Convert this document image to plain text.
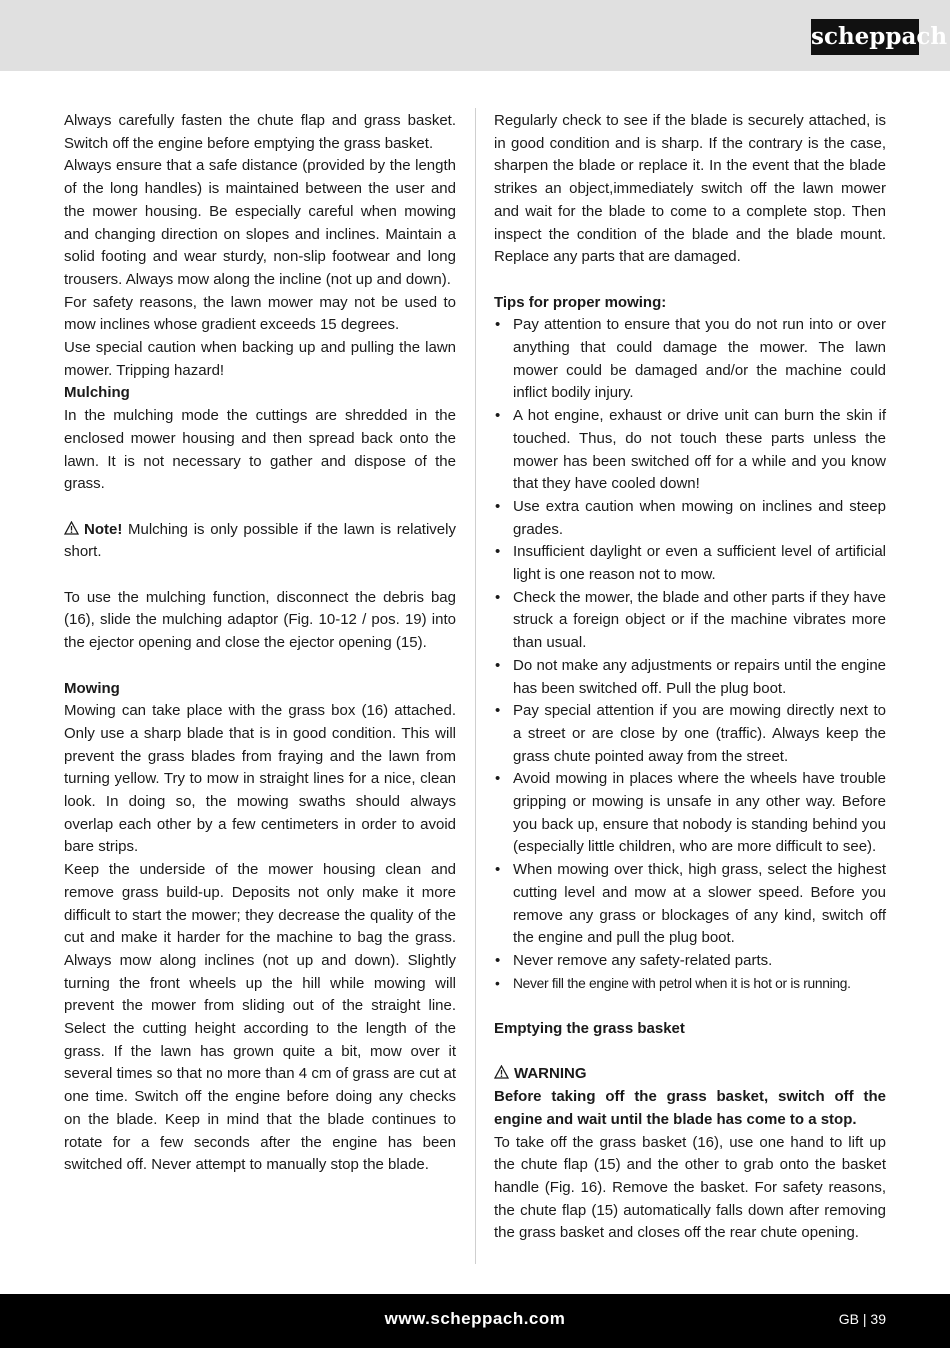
scheppach

Always carefully fasten the chute flap and grass basket. Switch off the engine before emptying the grass basket.

Always ensure that a safe distance (provided by the length of the long handles) is maintained between the user and the mower housing. Be especially careful when mowing and changing direction on slopes and inclines. Maintain a solid footing and wear sturdy, non-slip footwear and long trousers. Always mow along the incline (not up and down).

For safety reasons, the lawn mower may not be used to mow inclines whose gradient exceeds 15 degrees.

Use special caution when backing up and pulling the lawn mower. Tripping hazard!

Mulching

In the mulching mode the cuttings are shredded in the enclosed mower housing and then spread back onto the lawn. It is not necessary to gather and dispose of the grass.

Note! Mulching is only possible if the lawn is relatively short.

To use the mulching function, disconnect the debris bag (16), slide the mulching adaptor (Fig. 10-12 / pos. 19) into the ejector opening and close the ejector opening (15).

Mowing

Mowing can take place with the grass box (16) attached. Only use a sharp blade that is in good condition. This will prevent the grass blades from fraying and the lawn from turning yellow. Try to mow in straight lines for a nice, clean look. In doing so, the mowing swaths should always overlap each other by a few centimeters in order to avoid bare strips.

Keep the underside of the mower housing clean and remove grass build-up. Deposits not only make it more difficult to start the mower; they decrease the quality of the cut and make it harder for the machine to bag the grass. Always mow along inclines (not up and down). Slightly turning the front wheels up the hill while mowing will prevent the mower from sliding out of the straight line. Select the cutting height according to the length of the grass. If the lawn has grown quite a bit, mow over it several times so that no more than 4 cm of grass are cut at one time. Switch off the engine before doing any checks on the blade. Keep in mind that the blade continues to rotate for a few seconds after the engine has been switched off. Never attempt to manually stop the blade.

Regularly check to see if the blade is securely attached, is in good condition and is sharp. If the contrary is the case, sharpen the blade or replace it. In the event that the blade strikes an object,immediately switch off the lawn mower and wait for the blade to come to a complete stop. Then inspect the condition of the blade and the blade mount. Replace any parts that are damaged.

Tips for proper mowing:

• Pay attention to ensure that you do not run into or over anything that could damage the mower. The lawn mower could be damaged and/or the machine could inflict bodily injury.
• A hot engine, exhaust or drive unit can burn the skin if touched. Thus, do not touch these parts unless the mower has been switched off for a while and you know that they have cooled down!
• Use extra caution when mowing on inclines and steep grades.
• Insufficient daylight or even a sufficient level of artificial light is one reason not to mow.
• Check the mower, the blade and other parts if they have struck a foreign object or if the machine vibrates more than usual.
• Do not make any adjustments or repairs until the engine has been switched off. Pull the plug boot.
• Pay special attention if you are mowing directly next to a street or are close by one (traffic). Always keep the grass chute pointed away from the street.
• Avoid mowing in places where the wheels have trouble gripping or mowing is unsafe in any other way. Before you back up, ensure that nobody is standing behind you (especially little children, who are more difficult to see).
• When mowing over thick, high grass, select the highest cutting level and mow at a slower speed. Before you remove any grass or blockages of any kind, switch off the engine and pull the plug boot.
• Never remove any safety-related parts.
• Never fill the engine with petrol when it is hot or is running.

Emptying the grass basket

WARNING

Before taking off the grass basket, switch off the engine and wait until the blade has come to a stop.

To take off the grass basket (16), use one hand to lift up the chute flap (15) and the other to grab onto the basket handle (Fig. 16). Remove the basket. For safety reasons, the chute flap (15) automatically falls down after removing the grass basket and closes off the rear chute opening.

www.scheppach.com	GB | 39
